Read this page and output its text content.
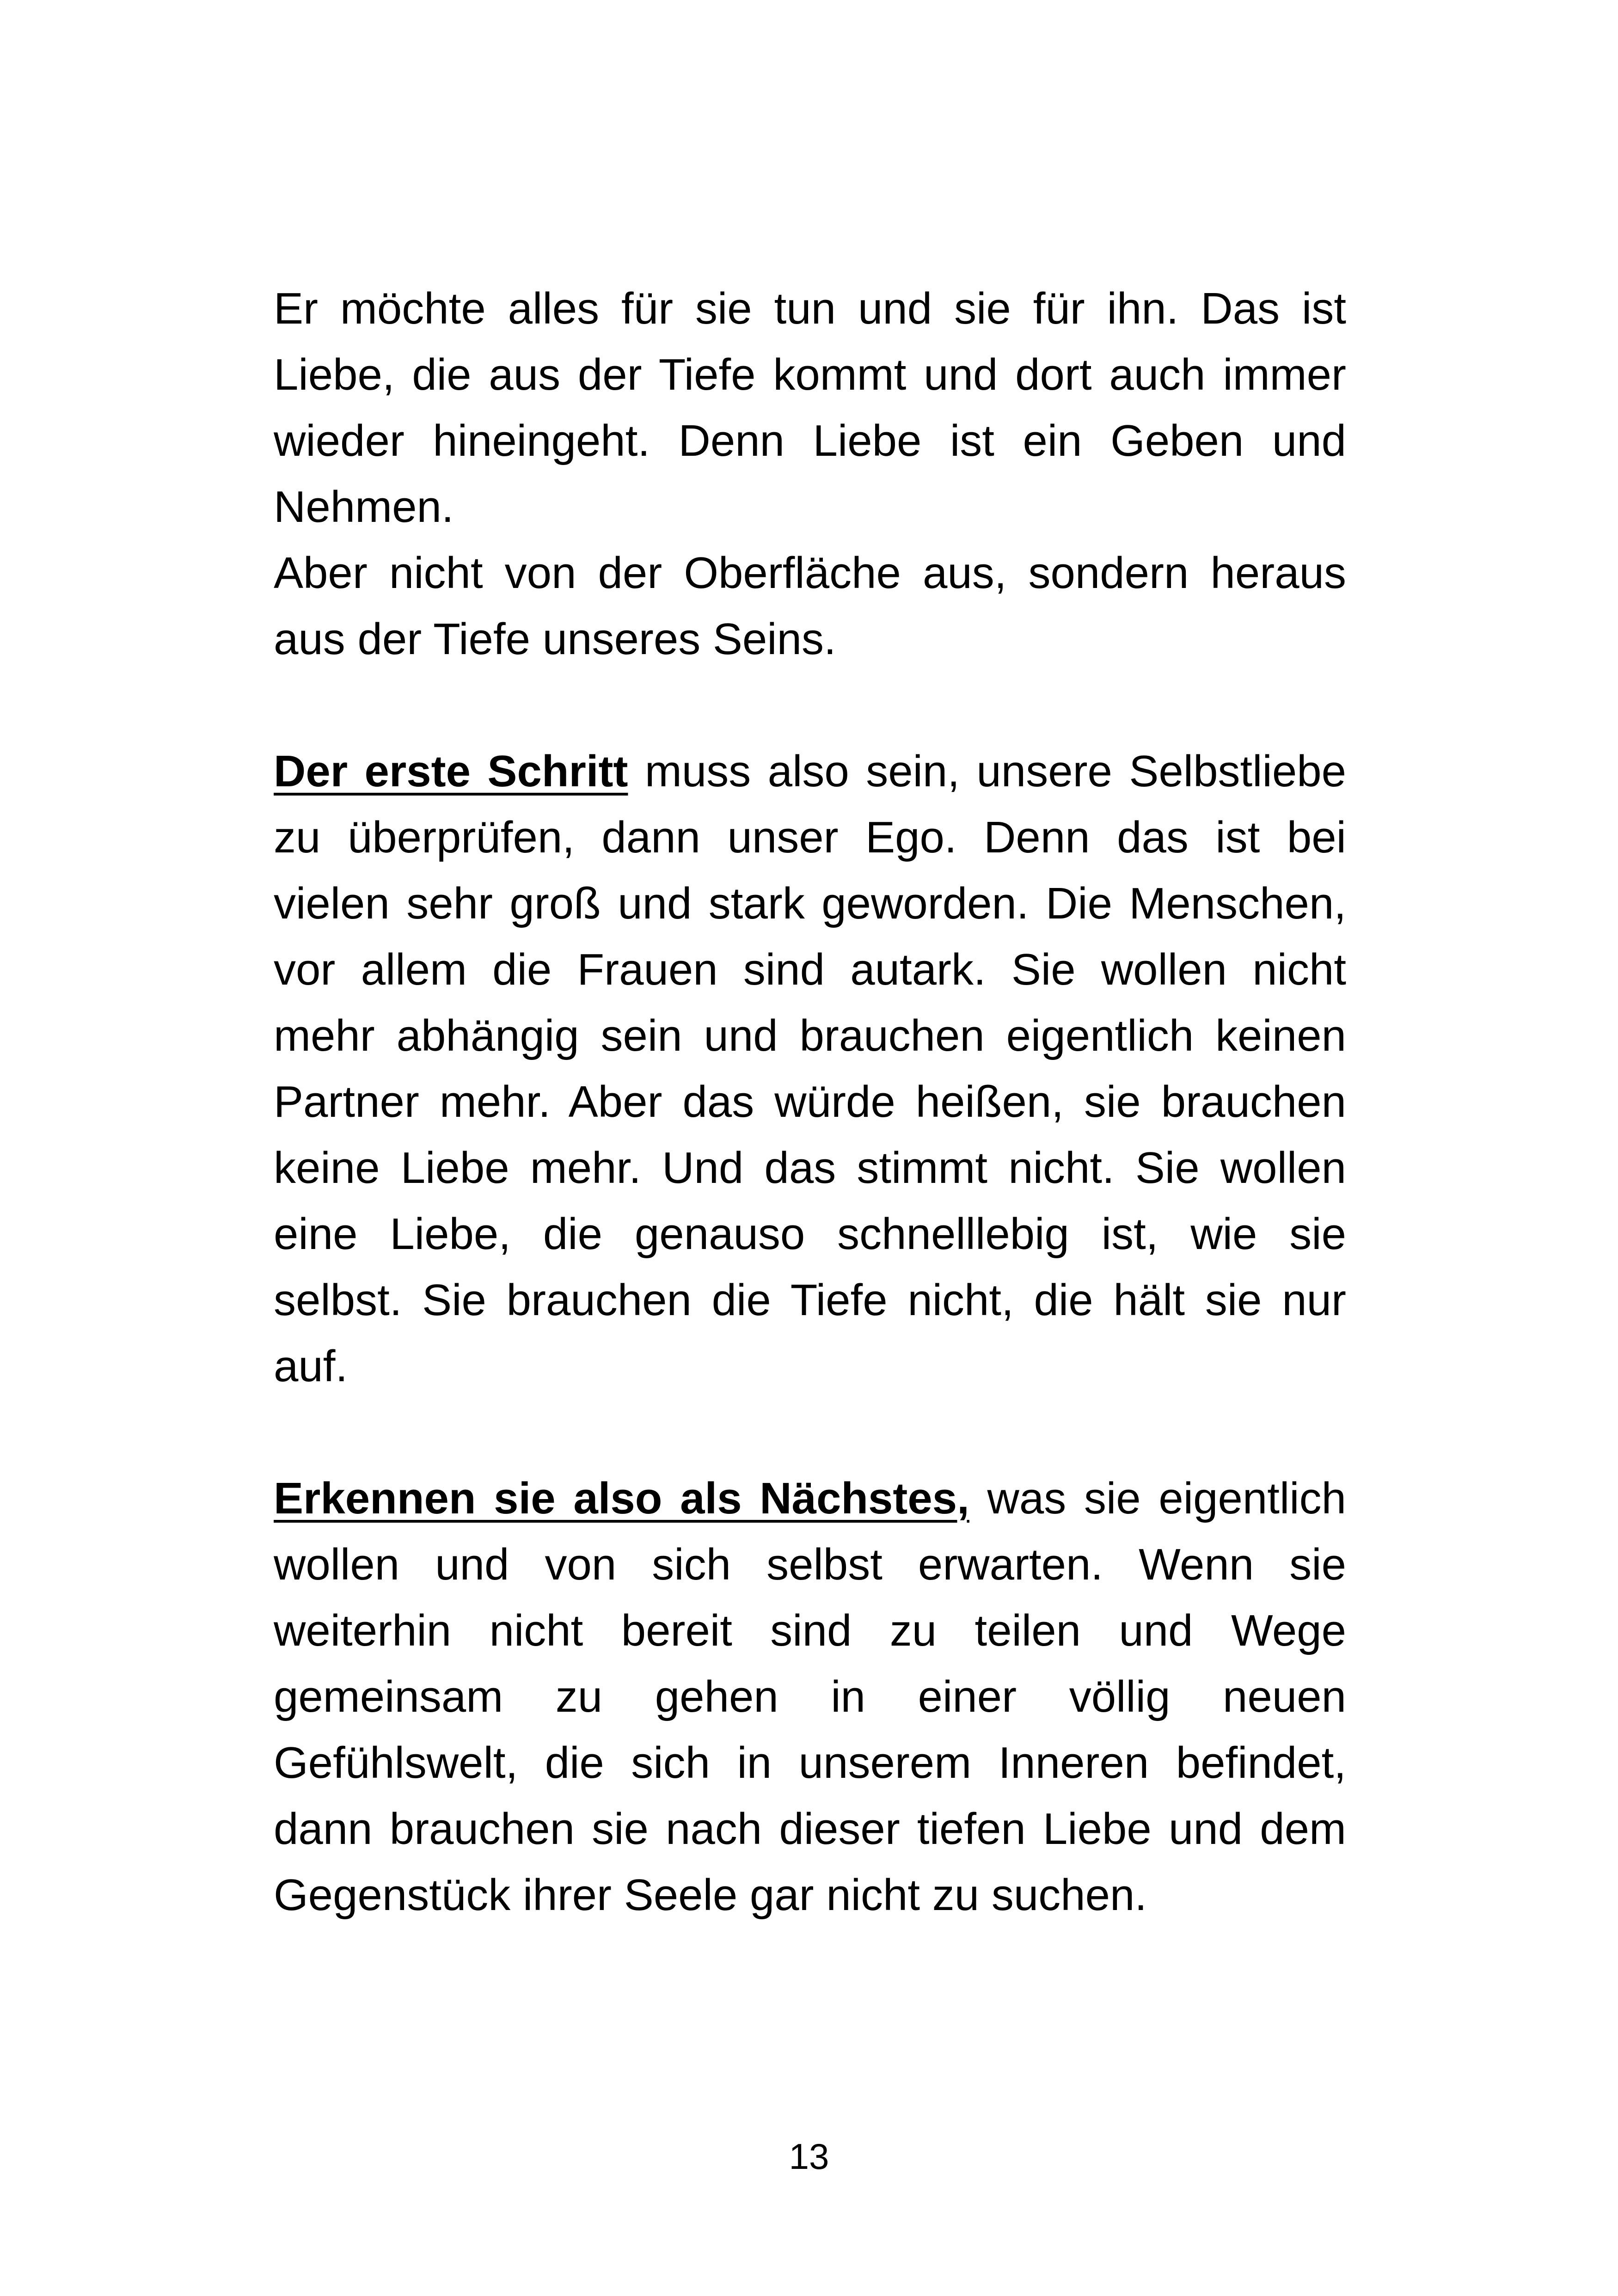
Er möchte alles für sie tun und sie für ihn. Das ist Liebe, die aus der Tiefe kommt und dort auch immer wieder hineingeht. Denn Liebe ist ein Geben und Nehmen.

Aber nicht von der Oberfläche aus, sondern heraus aus der Tiefe unseres Seins.

Der erste Schritt muss also sein, unsere Selbstliebe zu überprüfen, dann unser Ego. Denn das ist bei vielen sehr groß und stark geworden. Die Menschen, vor allem die Frauen sind autark. Sie wollen nicht mehr abhängig sein und brauchen eigentlich keinen Partner mehr. Aber das würde heißen, sie brauchen keine Liebe mehr. Und das stimmt nicht. Sie wollen eine Liebe, die genauso schnelllebig ist, wie sie selbst. Sie brauchen die Tiefe nicht, die hält sie nur auf.

Erkennen sie also als Nächstes, was sie eigentlich wollen und von sich selbst erwarten. Wenn sie weiterhin nicht bereit sind zu teilen und Wege gemeinsam zu gehen in einer völlig neuen Gefühlswelt, die sich in unserem Inneren befindet, dann brauchen sie nach dieser tiefen Liebe und dem Gegenstück ihrer Seele gar nicht zu suchen.

13
